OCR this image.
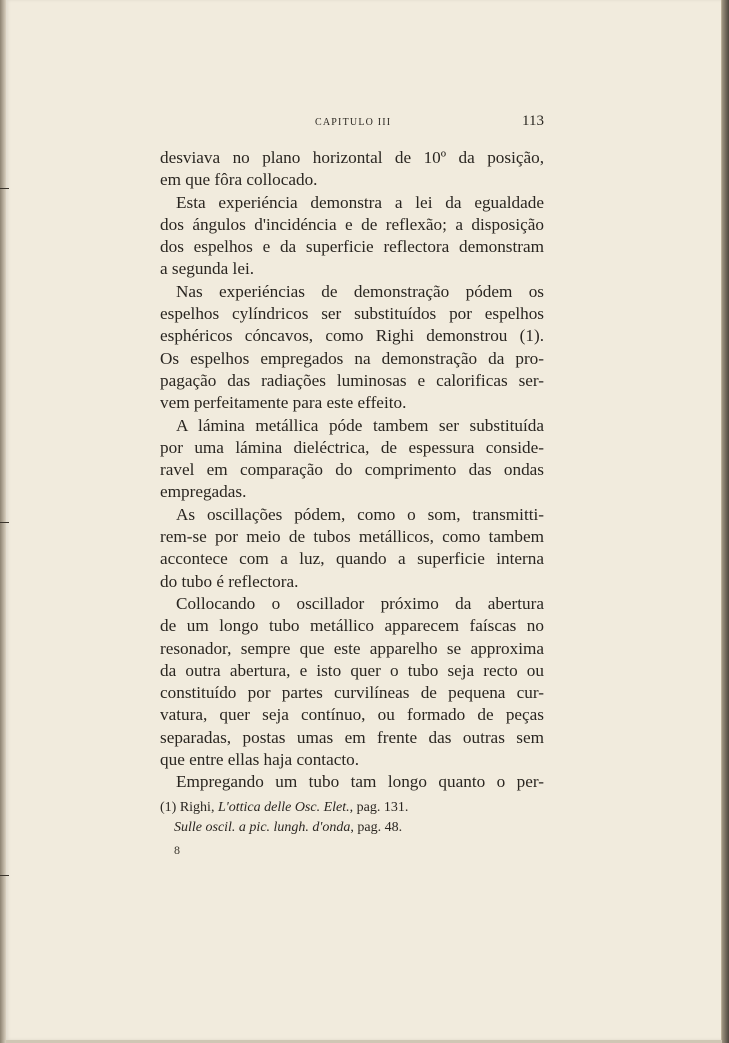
CAPITULO III	113
desviava no plano horizontal de 10º da posição,
em que fôra collocado.
Esta experiéncia demonstra a lei da egualdade
dos ángulos d'incidéncia e de reflexão; a disposição
dos espelhos e da superficie reflectora demonstram
a segunda lei.
Nas experiéncias de demonstração pódem os
espelhos cylíndricos ser substituídos por espelhos
esphéricos cóncavos, como Righi demonstrou (1).
Os espelhos empregados na demonstração da pro-
pagação das radiações luminosas e calorificas ser-
vem perfeitamente para este effeito.
A lámina metállica póde tambem ser substituída
por uma lámina dieléctrica, de espessura conside-
ravel em comparação do comprimento das ondas
empregadas.
As oscillações pódem, como o som, transmitti-
rem-se por meio de tubos metállicos, como tambem
accontece com a luz, quando a superficie interna
do tubo é reflectora.
Collocando o oscillador próximo da abertura
de um longo tubo metállico apparecem faíscas no
resonador, sempre que este apparelho se approxima
da outra abertura, e isto quer o tubo seja recto ou
constituído por partes curvilíneas de pequena cur-
vatura, quer seja contínuo, ou formado de peças
separadas, postas umas em frente das outras sem
que entre ellas haja contacto.
Empregando um tubo tam longo quanto o per-
(1) Righi, L'ottica delle Osc. Elet., pag. 131.
Sulle oscil. a pic. lungh. d'onda, pag. 48.
8
